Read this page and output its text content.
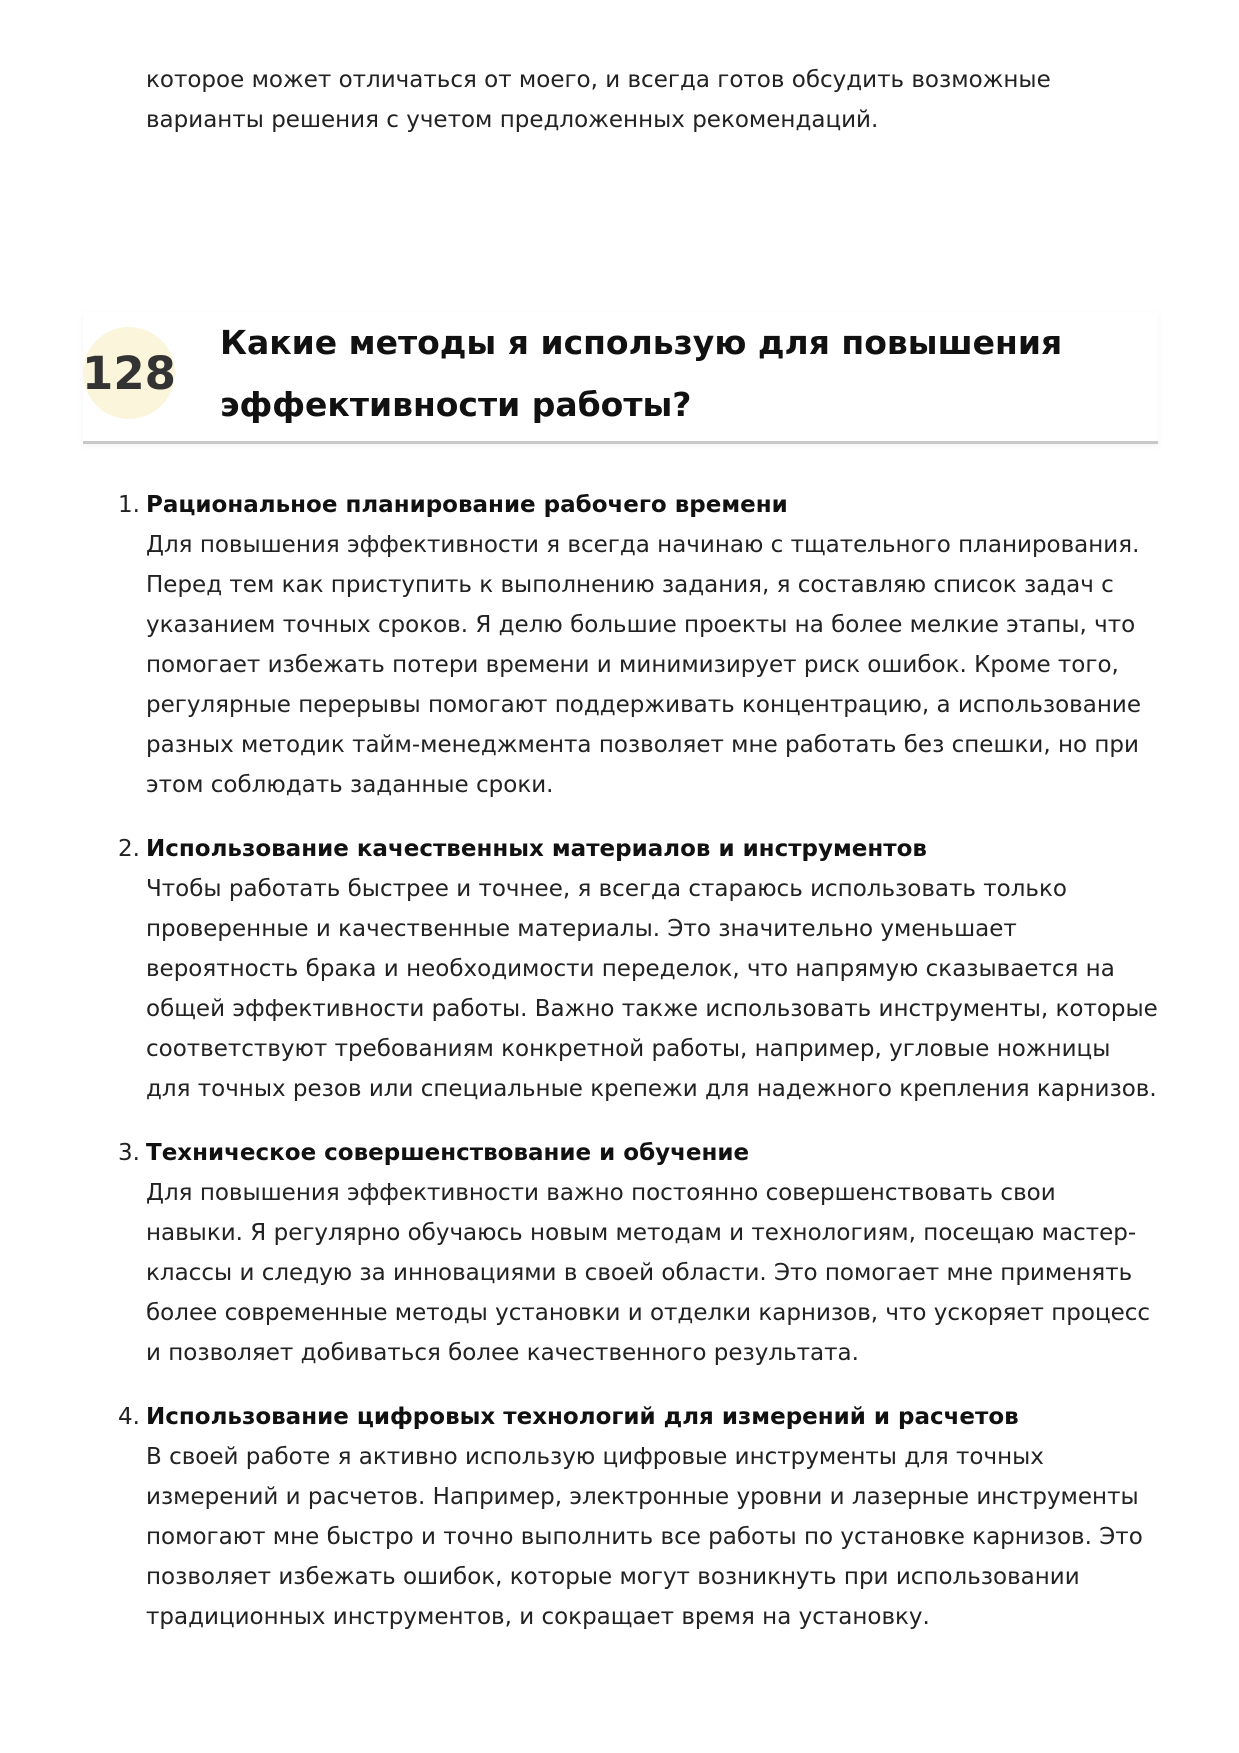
которое может отличаться от моего, и всегда готов обсудить возможные варианты решения с учетом предложенных рекомендаций.

128
Какие методы я использую для повышения эффективности работы?
1. Рациональное планирование рабочего времени

Для повышения эффективности я всегда начинаю с тщательного планирования. Перед тем как приступить к выполнению задания, я составляю список задач с указанием точных сроков. Я делю большие проекты на более мелкие этапы, что помогает избежать потери времени и минимизирует риск ошибок. Кроме того, регулярные перерывы помогают поддерживать концентрацию, а использование разных методик тайм-менеджмента позволяет мне работать без спешки, но при этом соблюдать заданные сроки.

2. Использование качественных материалов и инструментов

Чтобы работать быстрее и точнее, я всегда стараюсь использовать только проверенные и качественные материалы. Это значительно уменьшает вероятность брака и необходимости переделок, что напрямую сказывается на общей эффективности работы. Важно также использовать инструменты, которые соответствуют требованиям конкретной работы, например, угловые ножницы для точных резов или специальные крепежи для надежного крепления карнизов.

3. Техническое совершенствование и обучение

Для повышения эффективности важно постоянно совершенствовать свои навыки. Я регулярно обучаюсь новым методам и технологиям, посещаю мастер-классы и следую за инновациями в своей области. Это помогает мне применять более современные методы установки и отделки карнизов, что ускоряет процесс и позволяет добиваться более качественного результата.

4. Использование цифровых технологий для измерений и расчетов

В своей работе я активно использую цифровые инструменты для точных измерений и расчетов. Например, электронные уровни и лазерные инструменты помогают мне быстро и точно выполнить все работы по установке карнизов. Это позволяет избежать ошибок, которые могут возникнуть при использовании традиционных инструментов, и сокращает время на установку.
